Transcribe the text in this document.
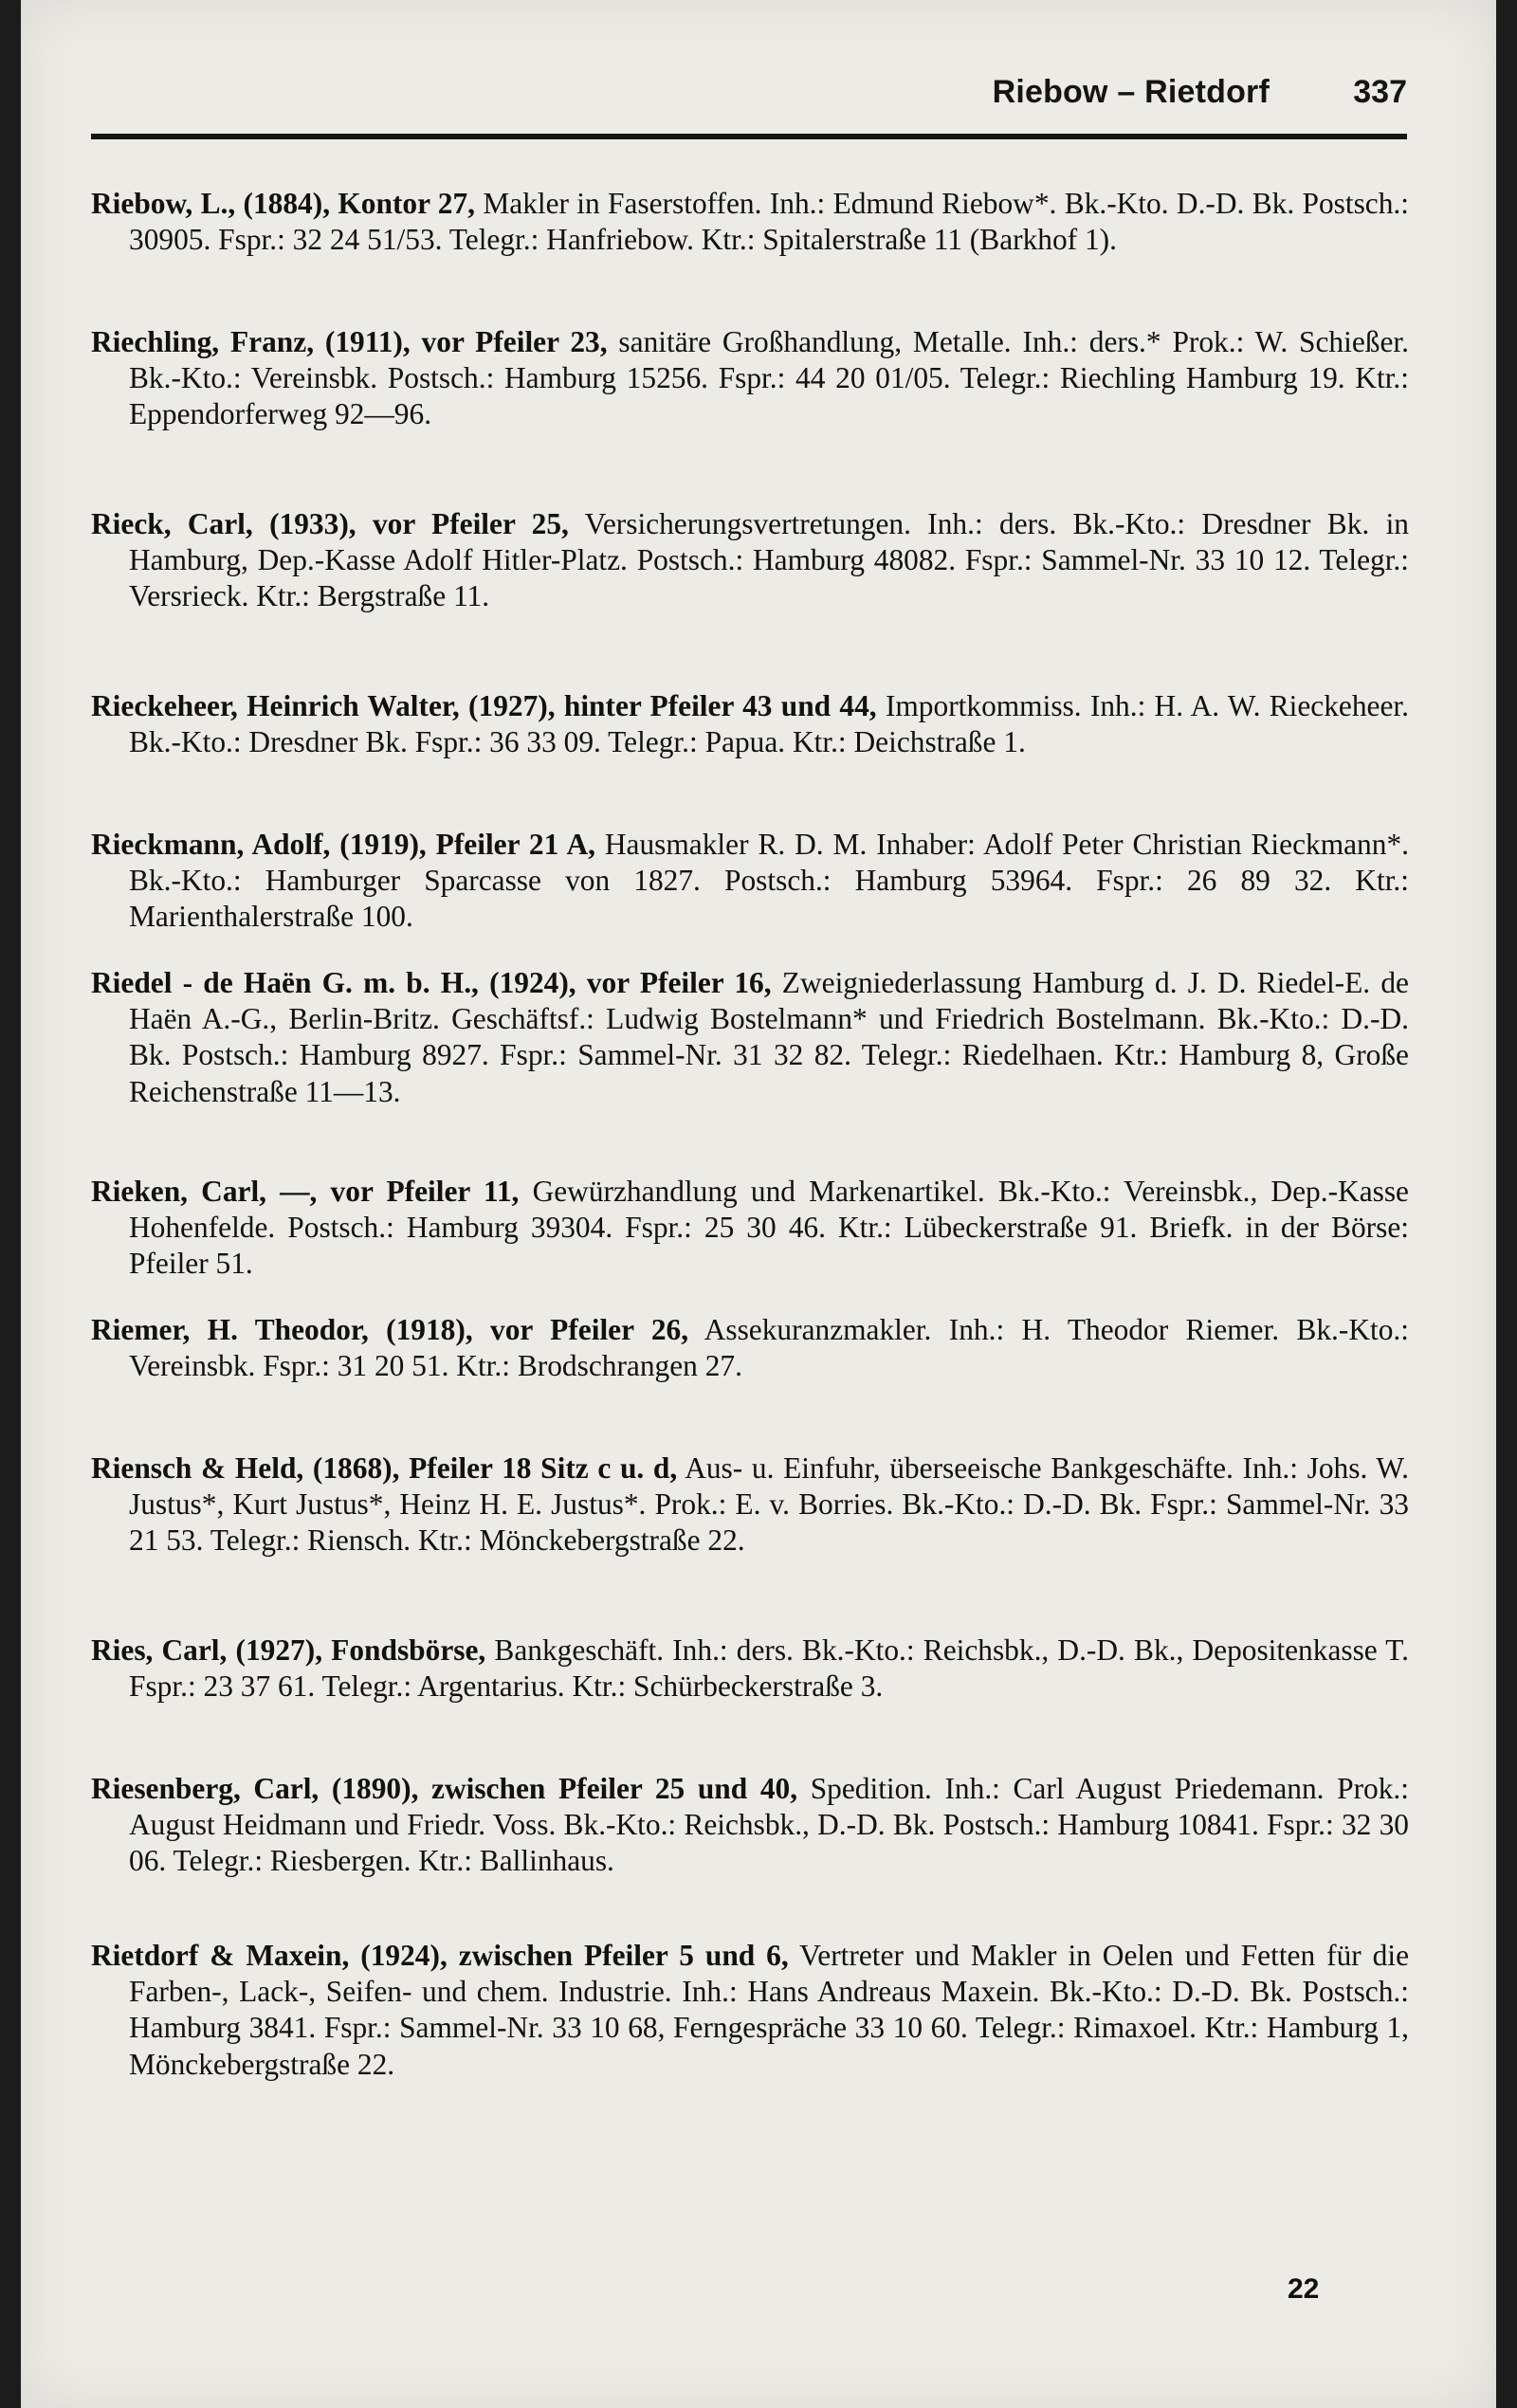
Riebow – Rietdorf	337

Riebow, L., (1884), Kontor 27, Makler in Faserstoffen. Inh.: Edmund Riebow*. Bk.-Kto. D.-D. Bk. Postsch.: 30905. Fspr.: 32 24 51/53. Telegr.: Hanfriebow. Ktr.: Spitalerstraße 11 (Barkhof 1).

Riechling, Franz, (1911), vor Pfeiler 23, sanitäre Großhandlung, Metalle. Inh.: ders.* Prok.: W. Schießer. Bk.-Kto.: Vereinsbk. Postsch.: Hamburg 15256. Fspr.: 44 20 01/05. Telegr.: Riechling Hamburg 19. Ktr.: Eppendorferweg 92—96.

Rieck, Carl, (1933), vor Pfeiler 25, Versicherungsvertretungen. Inh.: ders. Bk.-Kto.: Dresdner Bk. in Hamburg, Dep.-Kasse Adolf Hitler-Platz. Postsch.: Hamburg 48082. Fspr.: Sammel-Nr. 33 10 12. Telegr.: Versrieck. Ktr.: Bergstraße 11.

Rieckeheer, Heinrich Walter, (1927), hinter Pfeiler 43 und 44, Importkommiss. Inh.: H. A. W. Rieckeheer. Bk.-Kto.: Dresdner Bk. Fspr.: 36 33 09. Telegr.: Papua. Ktr.: Deichstraße 1.

Rieckmann, Adolf, (1919), Pfeiler 21 A, Hausmakler R. D. M. Inhaber: Adolf Peter Christian Rieckmann*. Bk.-Kto.: Hamburger Sparcasse von 1827. Postsch.: Hamburg 53964. Fspr.: 26 89 32. Ktr.: Marienthalerstraße 100.

Riedel - de Haën G. m. b. H., (1924), vor Pfeiler 16, Zweigniederlassung Hamburg d. J. D. Riedel-E. de Haën A.-G., Berlin-Britz. Geschäftsf.: Ludwig Bostelmann* und Friedrich Bostelmann. Bk.-Kto.: D.-D. Bk. Postsch.: Hamburg 8927. Fspr.: Sammel-Nr. 31 32 82. Telegr.: Riedelhaen. Ktr.: Hamburg 8, Große Reichenstraße 11—13.

Rieken, Carl, —, vor Pfeiler 11, Gewürzhandlung und Markenartikel. Bk.-Kto.: Vereinsbk., Dep.-Kasse Hohenfelde. Postsch.: Hamburg 39304. Fspr.: 25 30 46. Ktr.: Lübeckerstraße 91. Briefk. in der Börse: Pfeiler 51.

Riemer, H. Theodor, (1918), vor Pfeiler 26, Assekuranzmakler. Inh.: H. Theodor Riemer. Bk.-Kto.: Vereinsbk. Fspr.: 31 20 51. Ktr.: Brodschrangen 27.

Riensch & Held, (1868), Pfeiler 18 Sitz c u. d, Aus- u. Einfuhr, überseeische Bankgeschäfte. Inh.: Johs. W. Justus*, Kurt Justus*, Heinz H. E. Justus*. Prok.: E. v. Borries. Bk.-Kto.: D.-D. Bk. Fspr.: Sammel-Nr. 33 21 53. Telegr.: Riensch. Ktr.: Mönckebergstraße 22.

Ries, Carl, (1927), Fondsbörse, Bankgeschäft. Inh.: ders. Bk.-Kto.: Reichsbk., D.-D. Bk., Depositenkasse T. Fspr.: 23 37 61. Telegr.: Argentarius. Ktr.: Schürbeckerstraße 3.

Riesenberg, Carl, (1890), zwischen Pfeiler 25 und 40, Spedition. Inh.: Carl August Priedemann. Prok.: August Heidmann und Friedr. Voss. Bk.-Kto.: Reichsbk., D.-D. Bk. Postsch.: Hamburg 10841. Fspr.: 32 30 06. Telegr.: Riesbergen. Ktr.: Ballinhaus.

Rietdorf & Maxein, (1924), zwischen Pfeiler 5 und 6, Vertreter und Makler in Oelen und Fetten für die Farben-, Lack-, Seifen- und chem. Industrie. Inh.: Hans Andreaus Maxein. Bk.-Kto.: D.-D. Bk. Postsch.: Hamburg 3841. Fspr.: Sammel-Nr. 33 10 68, Ferngespräche 33 10 60. Telegr.: Rimaxoel. Ktr.: Hamburg 1, Mönckebergstraße 22.

22
